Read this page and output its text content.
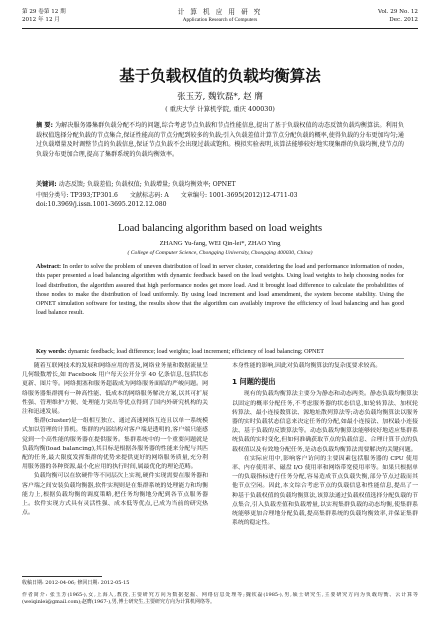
第 29 卷第 12 期
2012 年 12 月
计 算 机 应 用 研 究
Application Research of Computers
Vol. 29 No. 12
Dec. 2012
基于负载权值的负载均衡算法
张玉芳, 魏钦磊*, 赵 膺
( 重庆大学 计算机学院, 重庆 400030)
摘 要: 为解决服务器集群负载分配不均的问题,综合考虑节点负载和节点性能信息,提出了基于负载权值的动态反馈负载均衡算法。利用负载权值选择分配负载的节点集合,保证性能高的节点分配到较多的负载;引入负载差值计算节点分配负载的概率,使得负载的分布更加均匀;通过负载增量及时调整节点的负载信息,保证节点负载不会出现过载或饱和。模拟实验表明,该算法能够较好地实现集群的负载均衡,使节点的负载分布更加合理,提高了集群系统的负载均衡效率。
关键词: 动态反馈; 负载差值; 负载权值; 负载增量; 负载均衡效率; OPNET
中图分类号: TP393;TP301.6 文献标志码: A 文章编号: 1001-3695(2012)12-4711-03
doi:10.3969/j.issn.1001-3695.2012.12.080
Load balancing algorithm based on load weights
ZHANG Yu-fang, WEI Qin-lei*, ZHAO Ying
( College of Computer Science, Chongqing University, Chongqing 400030, China)
Abstract: In order to solve the problem of uneven distribution of load in server cluster, considering the load and performance information of nodes, this paper presented a load balancing algorithm with dynamic feedback based on the load weights. Using load weights to help choosing nodes for load distribution, the algorithm assured that high performance nodes get more load. And it brought load difference to calculate the probabilities of those nodes to make the distribution of load uniformly. By using load increment and load amendment, the system become stability. Using the OPNET simulation software for testing, the results show that the algorithm can availably improve the efficiency of load balancing and has good load balance result.
Key words: dynamic feedback; load difference; load weights; load increment; efficiency of load balancing; OPNET

随着互联网技术的发展和网络应用的普及,网络业务量和数据流量呈几何级数增长,如 Facebook 用户每天公开分享 40 亿条信息,包括状态更新、图片等。网络拥塞和服务超载成为网络服务面临的严峻问题。网络服务器集群拥有一种高性能、低成本的网络服务解决方案,以其可扩展性强、管理维护方便、处理能力突出等优点得到了国内外研究机构的关注和迅速发展。

集群(cluster)是一组相互独立、通过高速网络互连且以单一系统模式加以管理的计算机。集群的内部结构对客户端是透明的,客户端只能感觉到一个高性能的服务器在提供服务。集群系统中的一个重要问题就是负载均衡(load balancing),其目标是根据各服务器的性能来分配与其匹配的任务,最大限度发挥集群的优势来提供更好的网络服务质量,充分利用服务器的各种资源,最小化应用的执行时间,属最优化的理论范畴。

负载均衡可以在软硬件等不同层次上实现,硬件实现需要在服务器和客户端之间安装负载均衡器,软件实现则是在集群系统的处理能力和均衡能力上,根据负载均衡的调度策略,把任务均衡地分配到各节点服务器上。软件实现方式具有灵活性强、成本低等优点,已成为当前的研究热点。

本身性能的影响,因此对负载均衡算法的复杂度要求较高。

1 问题的提出

现有的负载均衡算法主要分为静态和动态两类。静态负载均衡算法以固定的概率分配任务,不考虑服务器的状态信息,如轮转算法、加权轮转算法、最小连接数算法、源地址散列算法等;动态负载均衡算法以服务器的实时负载状态信息来决定任务的分配,如最小连接法、加权最小连接法、基于负载的反馈算法等。动态负载均衡算法能够较好地适应集群系统负载的实时变化,但如何准确获取节点的负载信息、合理计算节点的负载权值以及有效地分配任务,是动态负载均衡算法需要解决的关键问题。

在实际应用中,影响客户访问的主要因素包括服务器的 CPU 使用率、内存使用率、磁盘 I/O 使用率和网络带宽使用率等。如果只根据单一的负载指标进行任务分配,容易造成节点负载失衡,部分节点过载而其他节点空闲。因此,本文综合考虑节点的负载信息和性能信息,提出了一种基于负载权值的负载均衡算法,该算法通过负载权值选择分配负载的节点集合,引入负载差值和负载增量,以实现集群负载的动态均衡,使集群系统能够更加合理地分配负载,提高集群系统的负载均衡效率,并保证集群系统的稳定性。

收稿日期: 2012-04-06; 修回日期: 2012-05-15
作者简介: 张玉芳(1965-),女,上海人,教授,主要研究方向为数据挖掘、网络信息处理等;魏钦磊(1985-),男,硕士研究生,主要研究方向为负载均衡、云计算等(weiqinlei@gmail.com);赵膺(1967-),男,博士研究生,主要研究方向为计算机网络等。
